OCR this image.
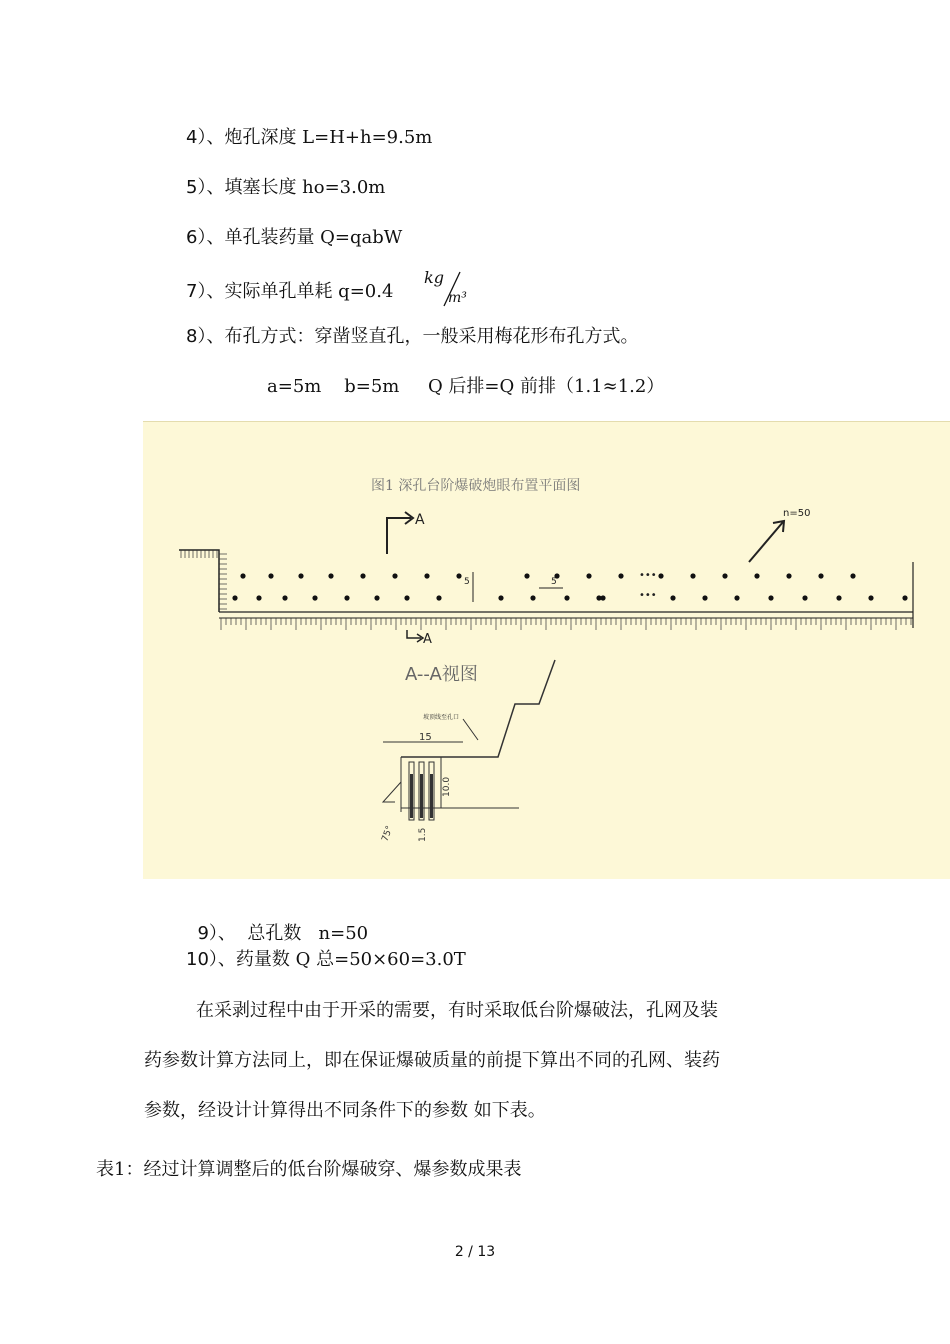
4）、炮孔深度 L=H+h=9.5m
5）、填塞长度 ho=3.0m
6）、单孔装药量 Q=qabW
7）、实际单孔单耗 q=0.4
kg
m³
8）、布孔方式：穿凿竖直孔，一般采用梅花形布孔方式。
a=5m    b=5m     Q 后排=Q 前排（1.1≈1.2）
图1 深孔台阶爆破炮眼布置平面图
A	n=50
5	5
•••
•••
A
A--A视图
15
坡顶线至孔口
10.0
1.5
75°

9）、  总孔数   n=50

10）、药量数 Q 总=50×60=3.0T
在采剥过程中由于开采的需要，有时采取低台阶爆破法，孔网及装
药参数计算方法同上，即在保证爆破质量的前提下算出不同的孔网、装药
参数，经设计计算得出不同条件下的参数 如下表。
表1：经过计算调整后的低台阶爆破穿、爆参数成果表
2 / 13
